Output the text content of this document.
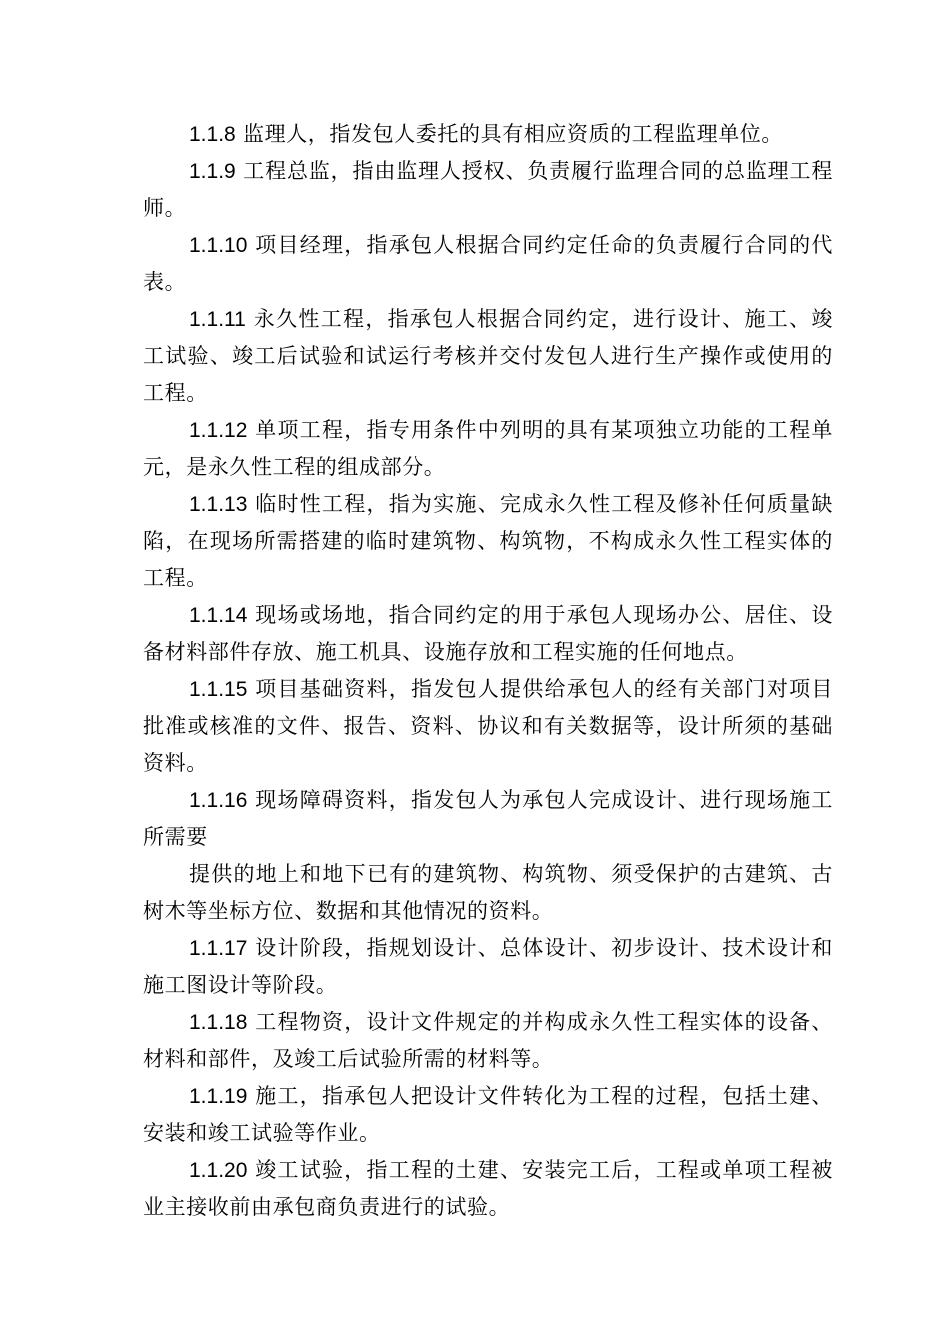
1.1.8 监理人，指发包人委托的具有相应资质的工程监理单位。

1.1.9 工程总监，指由监理人授权、负责履行监理合同的总监理工程师。

1.1.10 项目经理，指承包人根据合同约定任命的负责履行合同的代表。

1.1.11 永久性工程，指承包人根据合同约定，进行设计、施工、竣工试验、竣工后试验和试运行考核并交付发包人进行生产操作或使用的工程。

1.1.12 单项工程，指专用条件中列明的具有某项独立功能的工程单元，是永久性工程的组成部分。

1.1.13 临时性工程，指为实施、完成永久性工程及修补任何质量缺陷，在现场所需搭建的临时建筑物、构筑物，不构成永久性工程实体的工程。

1.1.14 现场或场地，指合同约定的用于承包人现场办公、居住、设备材料部件存放、施工机具、设施存放和工程实施的任何地点。

1.1.15 项目基础资料，指发包人提供给承包人的经有关部门对项目批准或核准的文件、报告、资料、协议和有关数据等，设计所须的基础资料。

1.1.16 现场障碍资料，指发包人为承包人完成设计、进行现场施工所需要

提供的地上和地下已有的建筑物、构筑物、须受保护的古建筑、古树木等坐标方位、数据和其他情况的资料。

1.1.17 设计阶段，指规划设计、总体设计、初步设计、技术设计和施工图设计等阶段。

1.1.18 工程物资，设计文件规定的并构成永久性工程实体的设备、材料和部件，及竣工后试验所需的材料等。

1.1.19 施工，指承包人把设计文件转化为工程的过程，包括土建、安装和竣工试验等作业。

1.1.20 竣工试验，指工程的土建、安装完工后，工程或单项工程被业主接收前由承包商负责进行的试验。
